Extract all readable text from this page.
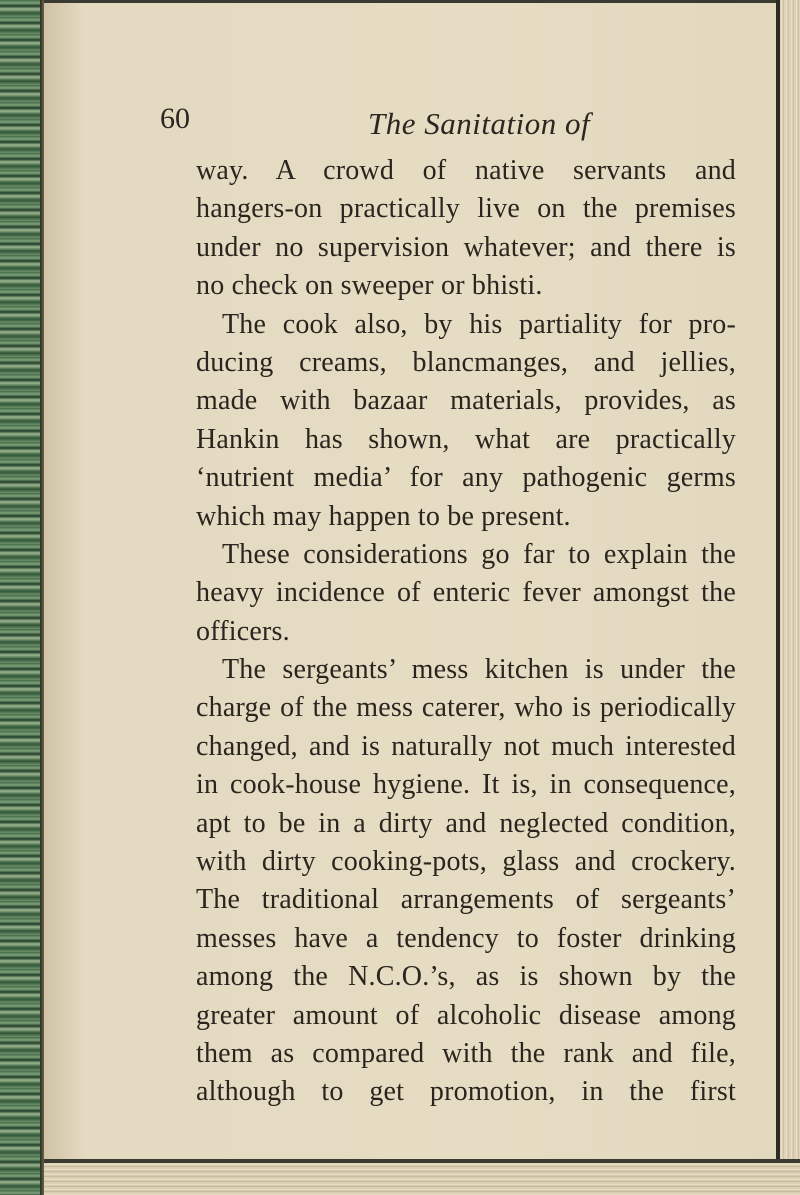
60	The Sanitation of
way. A crowd of native servants and
hangers-on practically live on the premises
under no supervision whatever; and there is
no check on sweeper or bhisti.
The cook also, by his partiality for pro-
ducing creams, blancmanges, and jellies,
made with bazaar materials, provides, as
Hankin has shown, what are practically
‘nutrient media’ for any pathogenic germs
which may happen to be present.
These considerations go far to explain the
heavy incidence of enteric fever amongst the
officers.
The sergeants’ mess kitchen is under the
charge of the mess caterer, who is periodically
changed, and is naturally not much interested
in cook-house hygiene. It is, in consequence,
apt to be in a dirty and neglected condition,
with dirty cooking-pots, glass and crockery.
The traditional arrangements of sergeants’
messes have a tendency to foster drinking
among the N.C.O.’s, as is shown by the
greater amount of alcoholic disease among
them as compared with the rank and file,
although to get promotion, in the first
